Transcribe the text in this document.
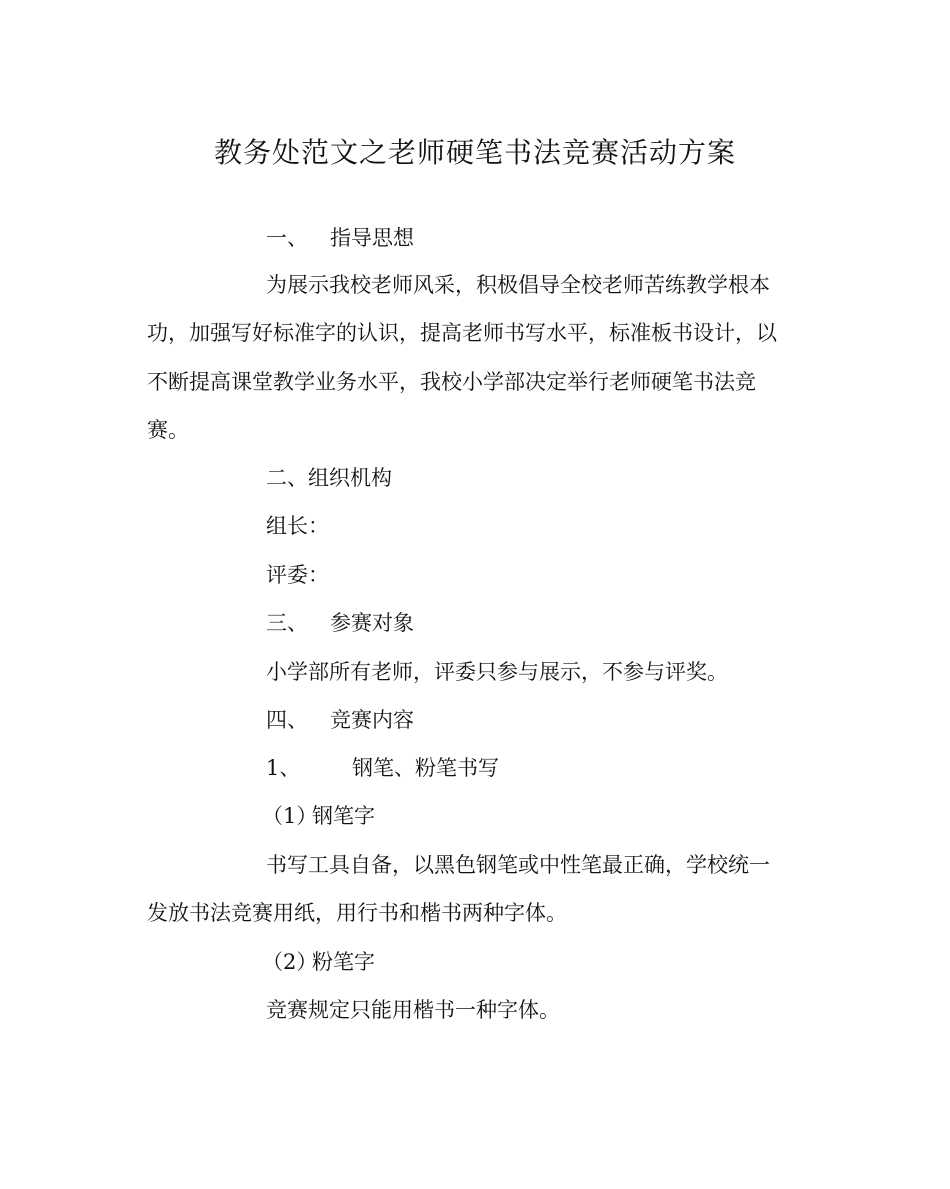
教务处范文之老师硬笔书法竞赛活动方案
一、 指导思想
为展示我校老师风采，积极倡导全校老师苦练教学根本
功，加强写好标准字的认识，提高老师书写水平，标准板书设计，以
不断提高课堂教学业务水平，我校小学部决定举行老师硬笔书法竞
赛。
二、组织机构
组长：
评委：
三、 参赛对象
小学部所有老师，评委只参与展示，不参与评奖。
四、 竞赛内容
1、 钢笔、粉笔书写
（1）钢笔字
书写工具自备，以黑色钢笔或中性笔最正确，学校统一
发放书法竞赛用纸，用行书和楷书两种字体。
（2）粉笔字
竞赛规定只能用楷书一种字体。
